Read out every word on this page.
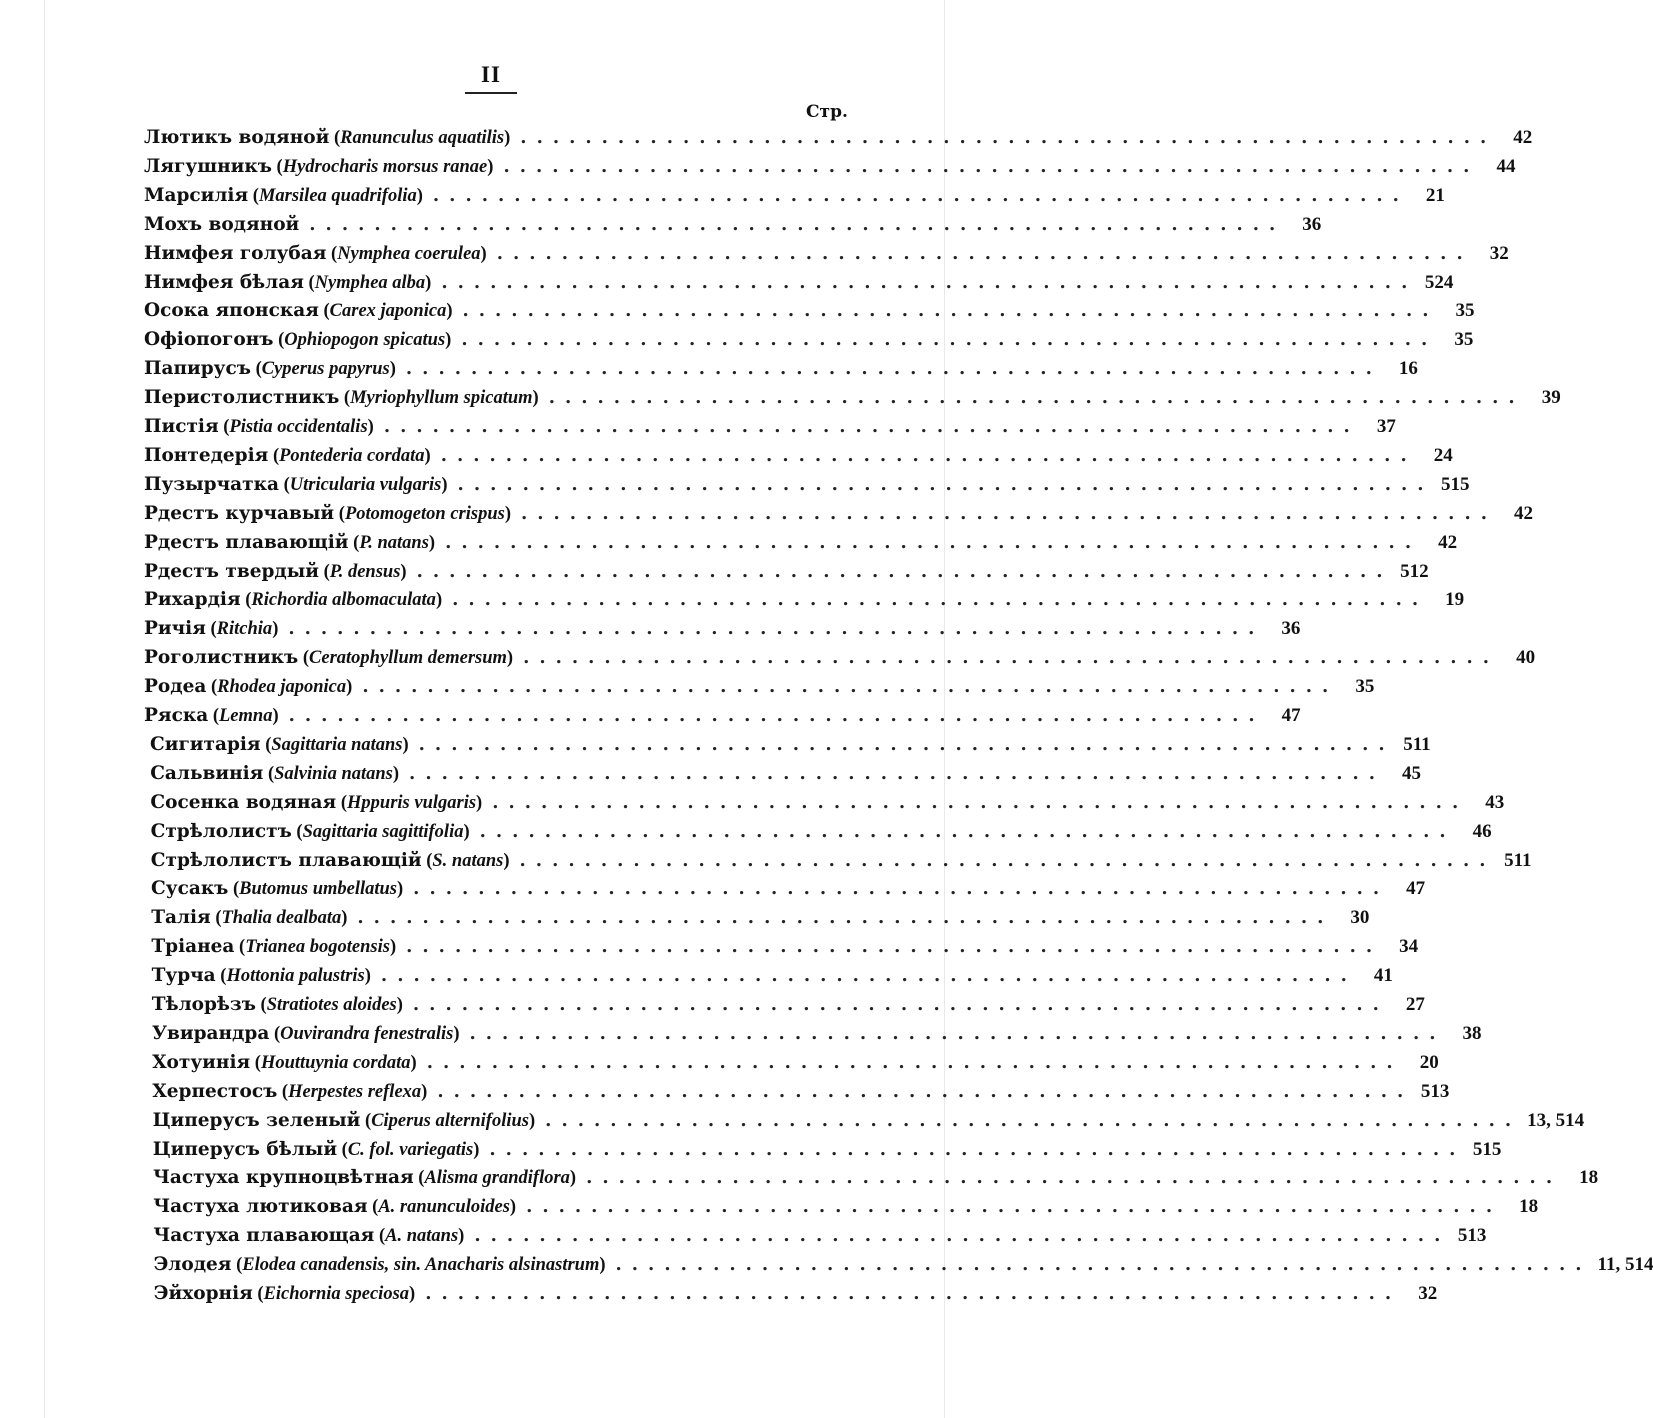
II
Стр.
Лютикъ водяной ( Ranunculus aquatilis ) ............................................................ 42
Лягушникъ ( Hydrocharis morsus ranae ) ............................................................ 44
Марсилія ( Marsilea quadrifolia ) ............................................................ 21
Мохъ водяной ............................................................ 36
Нимфея голубая ( Nymphea coerulea ) ............................................................ 32
Нимфея бѣлая ( Nymphea alba ) ............................................................ 524
Осока японская ( Carex japonica ) ............................................................ 35
Офіопогонъ ( Ophiopogon spicatus ) ............................................................ 35
Папирусъ ( Cyperus papyrus ) ............................................................ 16
Перистолистникъ ( Myriophyllum spicatum ) ............................................................ 39
Пистія ( Pistia occidentalis ) ............................................................ 37
Понтедерія ( Pontederia cordata ) ............................................................ 24
Пузырчатка ( Utricularia vulgaris ) ............................................................ 515
Рдестъ курчавый ( Potomogeton crispus ) ............................................................ 42
Рдестъ плавающій ( P. natans ) ............................................................ 42
Рдестъ твердый ( P. densus ) ............................................................ 512
Рихардія ( Richordia albomaculata ) ............................................................ 19
Ричія ( Ritchia ) ............................................................ 36
Роголистникъ ( Ceratophyllum demersum ) ............................................................ 40
Родеа ( Rhodea japonica ) ............................................................ 35
Ряска ( Lemna ) ............................................................ 47
Сигитарія ( Sagittaria natans ) ............................................................ 511
Сальвинія ( Salvinia natans ) ............................................................ 45
Сосенка водяная ( Hppuris vulgaris ) ............................................................ 43
Стрѣлолистъ ( Sagittaria sagittifolia ) ............................................................ 46
Стрѣлолистъ плавающій ( S. natans ) ............................................................ 511
Сусакъ ( Butomus umbellatus ) ............................................................ 47
Талія ( Thalia dealbata ) ............................................................ 30
Тріанеа ( Trianea bogotensis ) ............................................................ 34
Турча ( Hottonia palustris ) ............................................................ 41
Тѣлорѣзъ ( Stratiotes aloides ) ............................................................ 27
Увирандра ( Ouvirandra fenestralis ) ............................................................ 38
Хотуинія ( Houttuynia cordata ) ............................................................ 20
Херпестосъ ( Herpestes reflexa ) ............................................................ 513
Циперусъ зеленый ( Ciperus alternifolius ) ............................................................ 13, 514
Циперусъ бѣлый ( C. fol. variegatis ) ............................................................ 515
Частуха крупноцвѣтная ( Alisma grandiflora ) ............................................................ 18
Частуха лютиковая ( A. ranunculoides ) ............................................................ 18
Частуха плавающая ( A. natans ) ............................................................ 513
Элодея ( Elodea canadensis, sin. Anacharis alsinastrum ) ............................................................ 11, 514
Эйхорнія ( Eichornia speciosa ) ............................................................ 32
